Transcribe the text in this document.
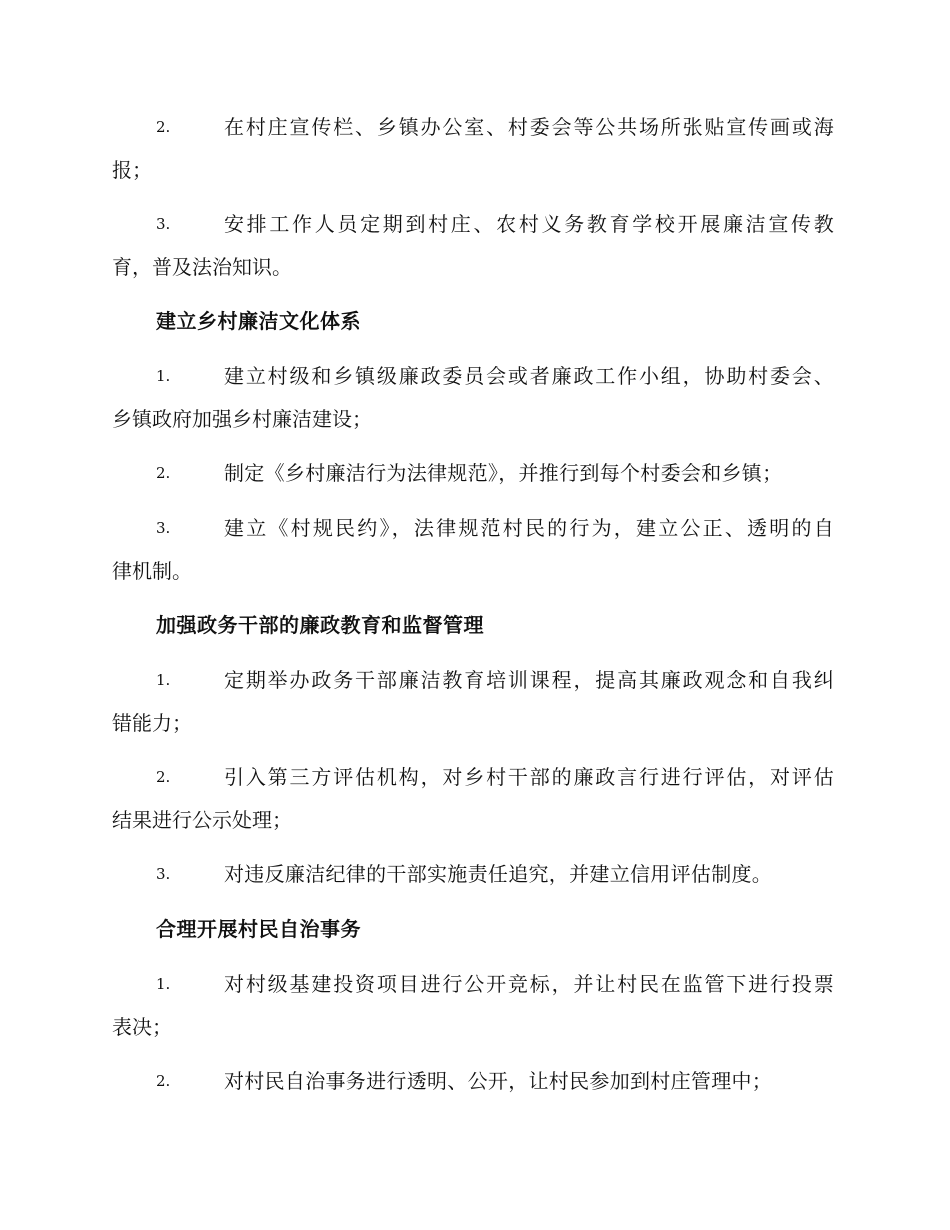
2.	在村庄宣传栏、乡镇办公室、村委会等公共场所张贴宣传画或海
报；
3.	安排工作人员定期到村庄、农村义务教育学校开展廉洁宣传教
育，普及法治知识。
建立乡村廉洁文化体系
1.	建立村级和乡镇级廉政委员会或者廉政工作小组，协助村委会、
乡镇政府加强乡村廉洁建设；
2.	制定《乡村廉洁行为法律规范》，并推行到每个村委会和乡镇；
3.	建立《村规民约》，法律规范村民的行为，建立公正、透明的自
律机制。
加强政务干部的廉政教育和监督管理
1.	定期举办政务干部廉洁教育培训课程，提高其廉政观念和自我纠
错能力；
2.	引入第三方评估机构，对乡村干部的廉政言行进行评估，对评估
结果进行公示处理；
3.	对违反廉洁纪律的干部实施责任追究，并建立信用评估制度。
合理开展村民自治事务
1.	对村级基建投资项目进行公开竞标，并让村民在监管下进行投票
表决；
2.	对村民自治事务进行透明、公开，让村民参加到村庄管理中；
